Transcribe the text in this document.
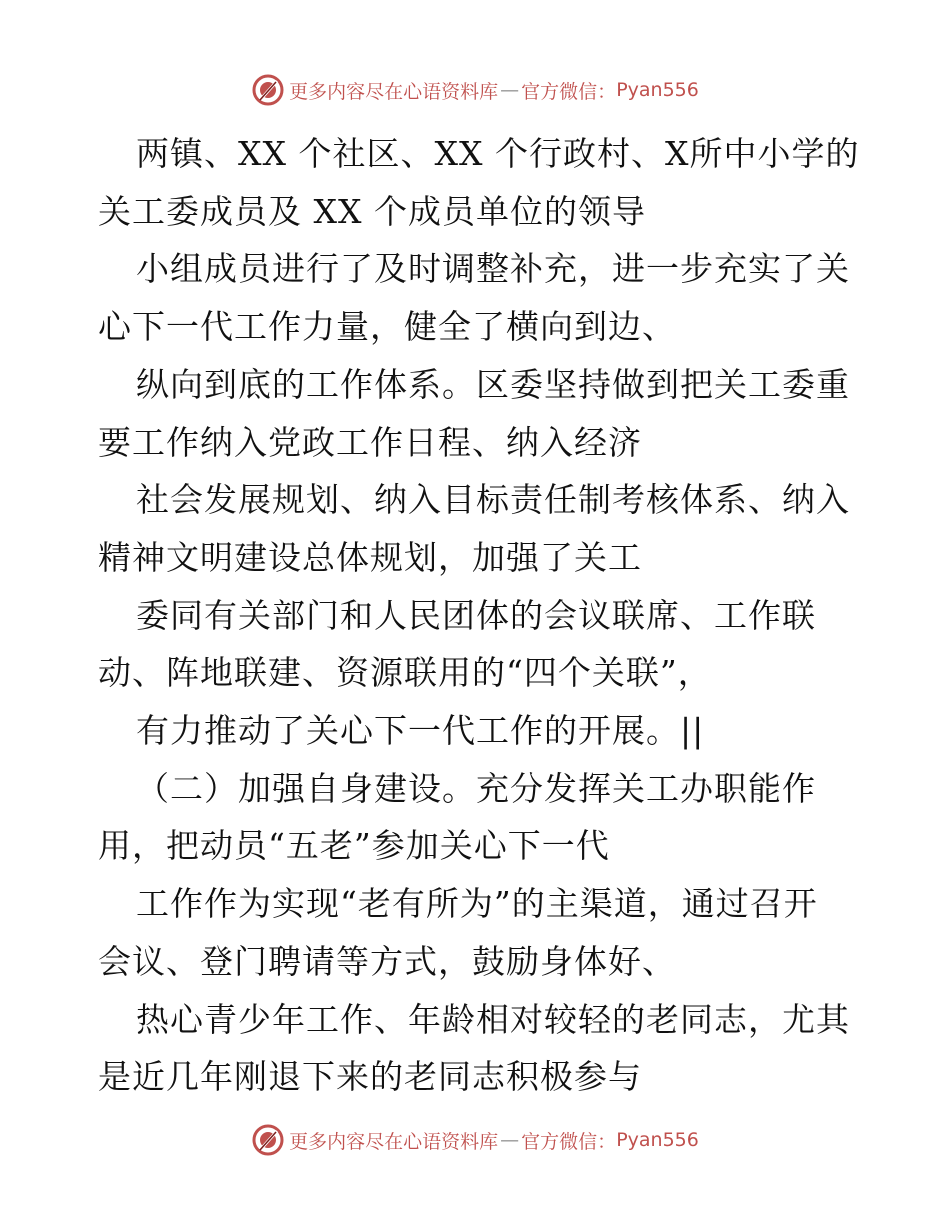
更多内容尽在心语资料库 — 官方微信： Pyan556
两镇、XX 个社区、XX 个行政村、X所中小学的
关工委成员及 XX 个成员单位的领导
小组成员进行了及时调整补充，进一步充实了关
心下一代工作力量，健全了横向到边、
纵向到底的工作体系。区委坚持做到把关工委重
要工作纳入党政工作日程、纳入经济
社会发展规划、纳入目标责任制考核体系、纳入
精神文明建设总体规划，加强了关工
委同有关部门和人民团体的会议联席、工作联
动、阵地联建、资源联用的“四个关联”，
有力推动了关心下一代工作的开展。||
（二）加强自身建设。充分发挥关工办职能作
用，把动员“五老”参加关心下一代
工作作为实现“老有所为”的主渠道，通过召开
会议、登门聘请等方式，鼓励身体好、
热心青少年工作、年龄相对较轻的老同志，尤其
是近几年刚退下来的老同志积极参与
更多内容尽在心语资料库 — 官方微信： Pyan556
